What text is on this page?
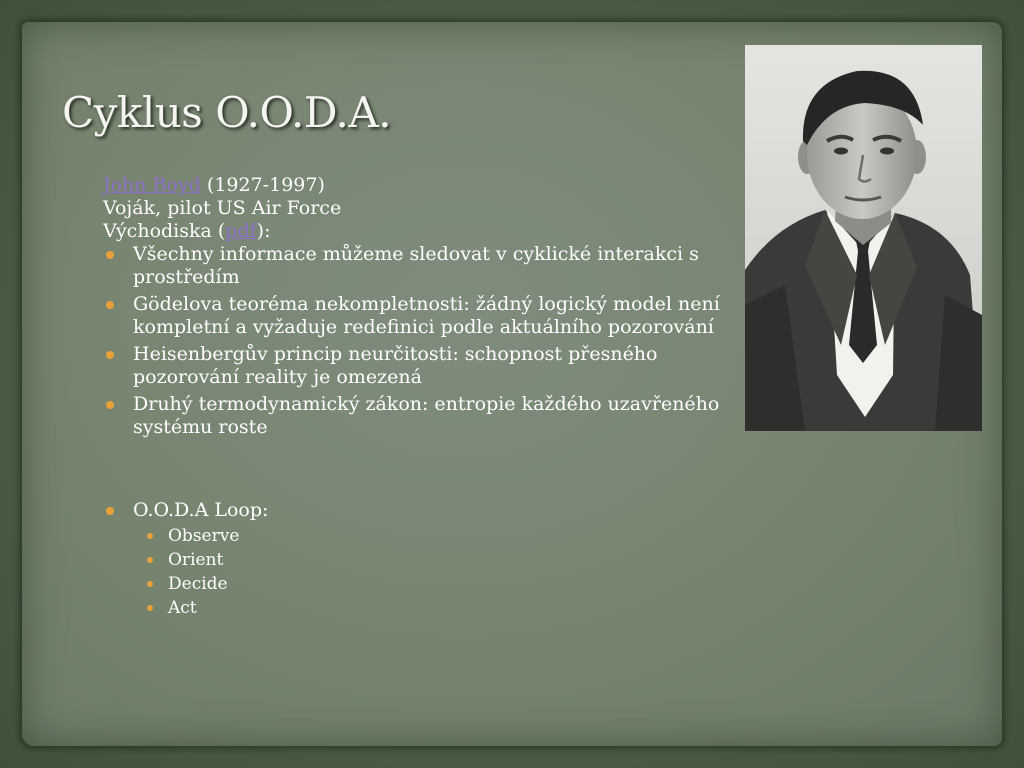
Cyklus O.O.D.A.

John Boyd (1927-1997)

Voják, pilot US Air Force

Východiska (pdf):

Všechny informace můžeme sledovat v cyklické interakci s prostředím
Gödelova teoréma nekompletnosti: žádný logický model není kompletní a vyžaduje redefinici podle aktuálního pozorování
Heisenbergův princip neurčitosti: schopnost přesného pozorování reality je omezená
Druhý termodynamický zákon: entropie každého uzavřeného systému roste
O.O.D.A Loop:
Observe
Orient
Decide
Act
